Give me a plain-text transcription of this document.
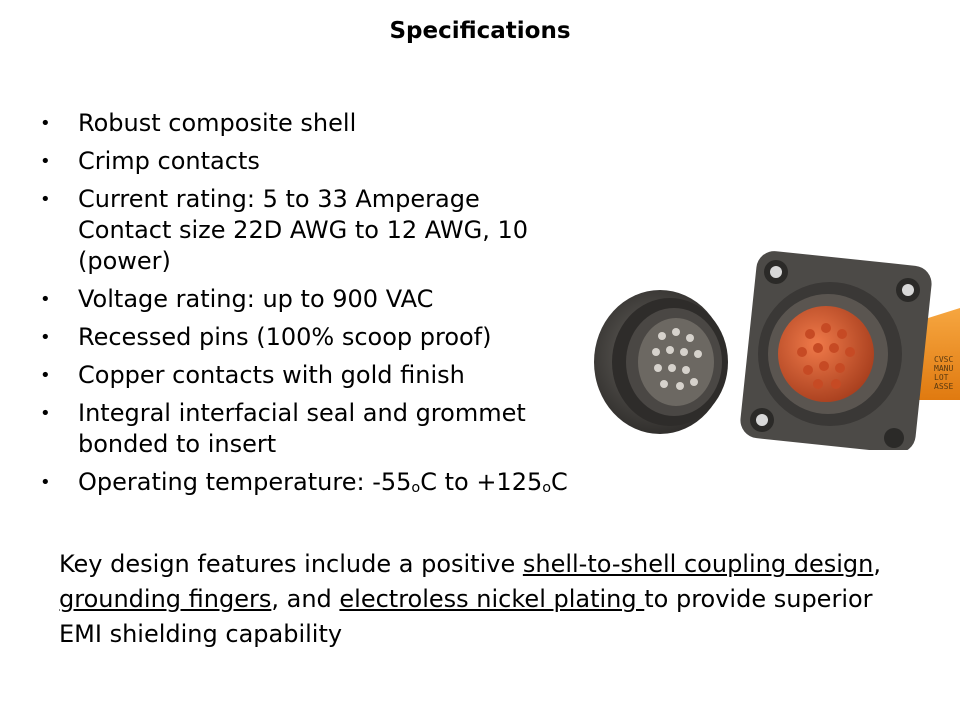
Specifications
• Robust composite shell
• Crimp contacts
• Current rating: 5 to 33 Amperage Contact size 22D AWG to 12 AWG, 10 (power)
• Voltage rating: up to 900 VAC
• Recessed pins (100% scoop proof)
• Copper contacts with gold finish
• Integral interfacial seal and grommet bonded to insert
• Operating temperature: -55oC to +125oC
Key design features include a positive shell-to-shell coupling design, grounding fingers, and electroless nickel plating to provide superior EMI shielding capability
CVSC
MANU
LOT
ASSE
